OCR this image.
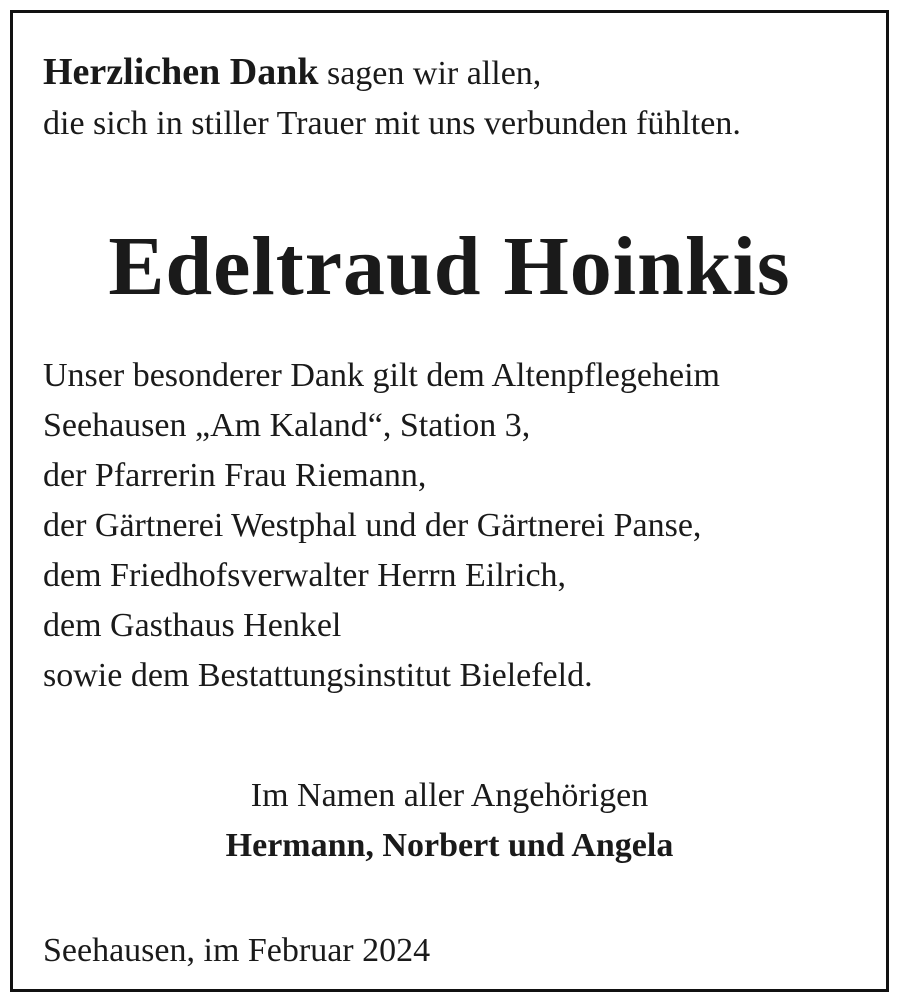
Herzlichen Dank sagen wir allen,
die sich in stiller Trauer mit uns verbunden fühlten.
Edeltraud Hoinkis
Unser besonderer Dank gilt dem Altenpflegeheim
Seehausen „Am Kaland“, Station 3,
der Pfarrerin Frau Riemann,
der Gärtnerei Westphal und der Gärtnerei Panse,
dem Friedhofsverwalter Herrn Eilrich,
dem Gasthaus Henkel
sowie dem Bestattungsinstitut Bielefeld.
Im Namen aller Angehörigen
Hermann, Norbert und Angela
Seehausen, im Februar 2024
